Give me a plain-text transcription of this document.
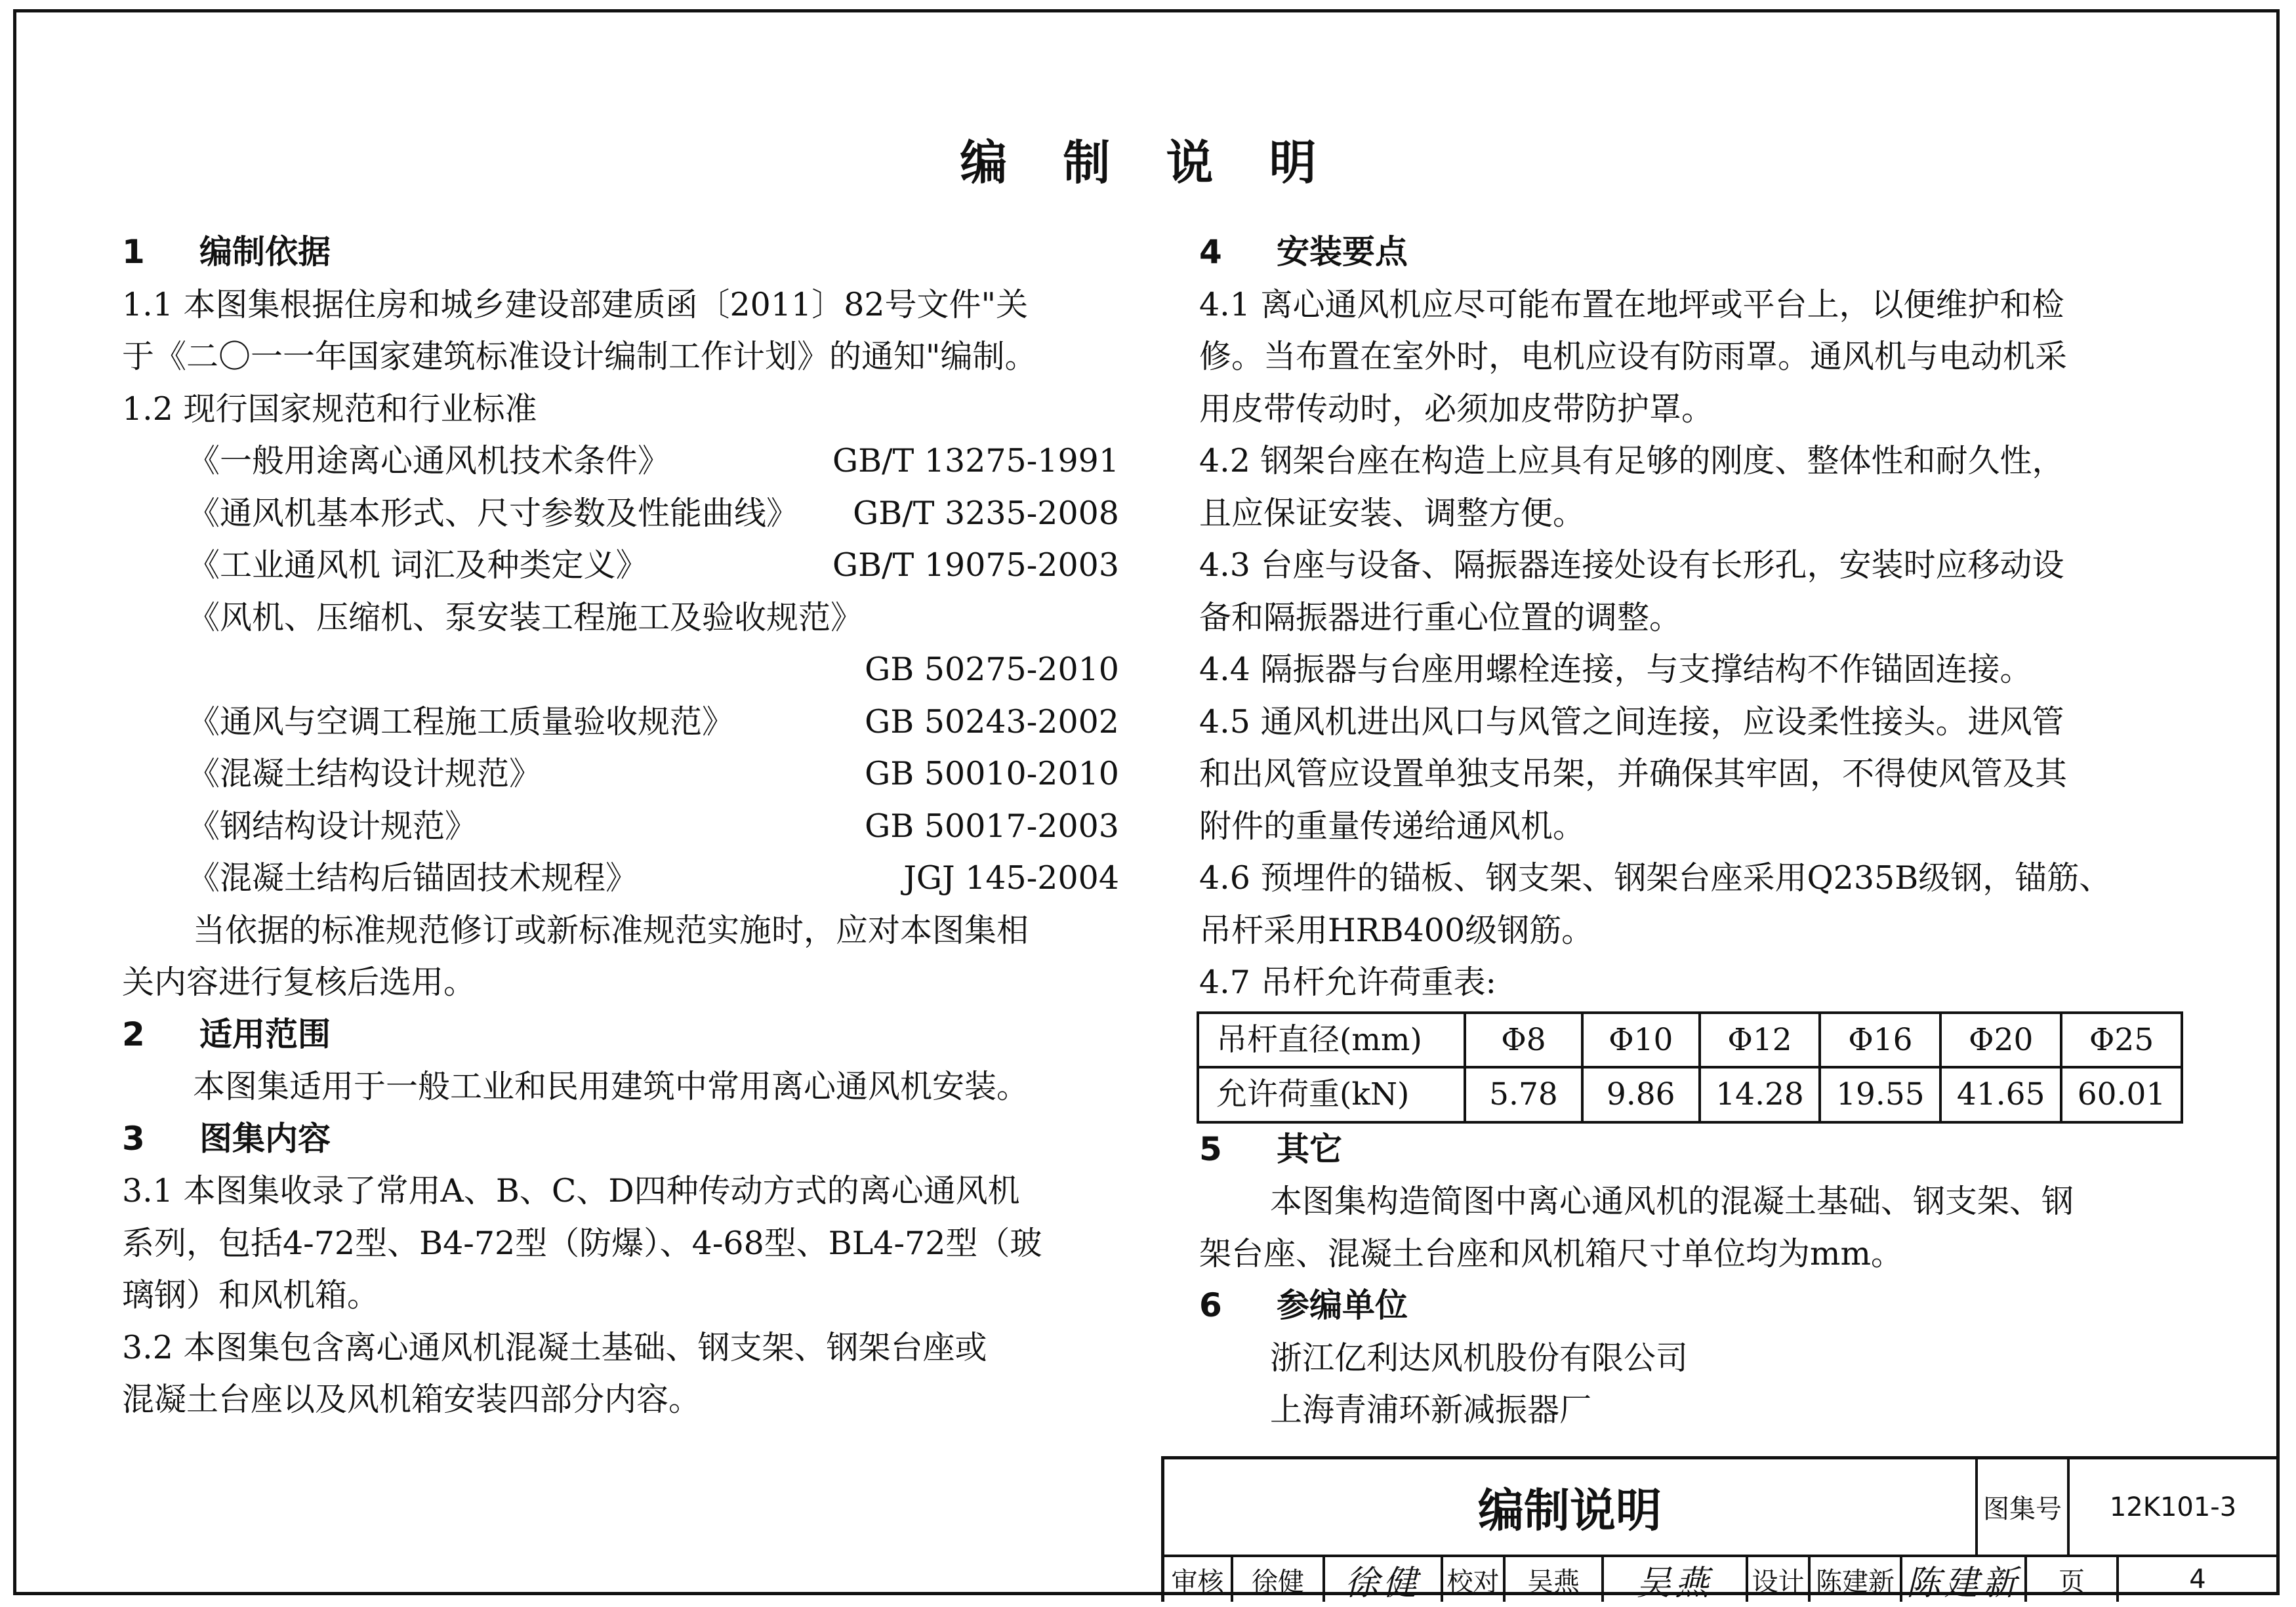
编 制 说 明
1 编制依据
1.1 本图集根据住房和城乡建设部建质函〔2011〕82号文件"关
于《二〇一一年国家建筑标准设计编制工作计划》的通知"编制。
1.2 现行国家规范和行业标准
《一般用途离心通风机技术条件》	GB/T 13275-1991
《通风机基本形式、尺寸参数及性能曲线》 GB/T 3235-2008
《工业通风机 词汇及种类定义》	GB/T 19075-2003
《风机、压缩机、泵安装工程施工及验收规范》
GB 50275-2010
《通风与空调工程施工质量验收规范》	GB 50243-2002
《混凝土结构设计规范》	GB 50010-2010
《钢结构设计规范》	GB 50017-2003
《混凝土结构后锚固技术规程》	JGJ 145-2004
当依据的标准规范修订或新标准规范实施时，应对本图集相
关内容进行复核后选用。
2 适用范围
本图集适用于一般工业和民用建筑中常用离心通风机安装。
3 图集内容
3.1 本图集收录了常用A、B、C、D四种传动方式的离心通风机
系列，包括4-72型、B4-72型（防爆）、4-68型、BL4-72型（玻
璃钢）和风机箱。
3.2 本图集包含离心通风机混凝土基础、钢支架、钢架台座或
混凝土台座以及风机箱安装四部分内容。
4 安装要点
4.1 离心通风机应尽可能布置在地坪或平台上，以便维护和检
修。当布置在室外时，电机应设有防雨罩。通风机与电动机采
用皮带传动时，必须加皮带防护罩。
4.2 钢架台座在构造上应具有足够的刚度、整体性和耐久性，
且应保证安装、调整方便。
4.3 台座与设备、隔振器连接处设有长形孔，安装时应移动设
备和隔振器进行重心位置的调整。
4.4 隔振器与台座用螺栓连接，与支撑结构不作锚固连接。
4.5 通风机进出风口与风管之间连接，应设柔性接头。进风管
和出风管应设置单独支吊架，并确保其牢固，不得使风管及其
附件的重量传递给通风机。
4.6 预埋件的锚板、钢支架、钢架台座采用Q235B级钢，锚筋、
吊杆采用HRB400级钢筋。
4.7 吊杆允许荷重表:
吊杆直径(mm)	Φ8	Φ10	Φ12	Φ16	Φ20	Φ25
允许荷重(kN)	5.78	9.86	14.28	19.55	41.65	60.01
5 其它
本图集构造简图中离心通风机的混凝土基础、钢支架、钢
架台座、混凝土台座和风机箱尺寸单位均为mm。
6 参编单位
浙江亿利达风机股份有限公司
上海青浦环新减振器厂
编制说明	图集号	12K101-3
审核	徐健	徐健 校对	吴燕	吴燕	设计 陈建新 陈建新	页	4
